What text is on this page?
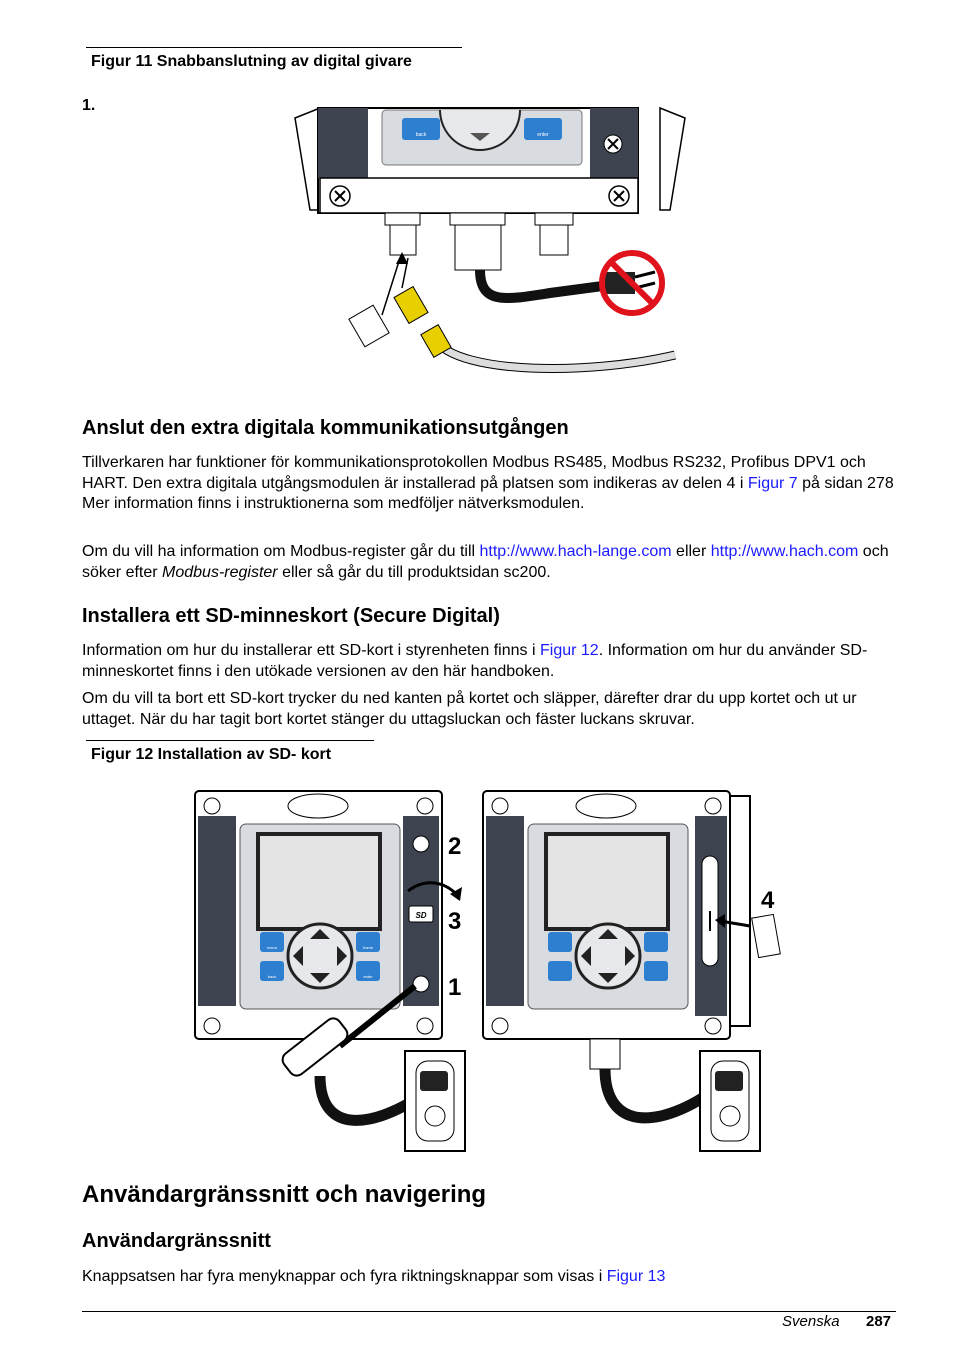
Figur 11 Snabbanslutning av digital givare
1.
back	enter
Anslut den extra digitala kommunikationsutgången

Tillverkaren har funktioner för kommunikationsprotokollen Modbus RS485, Modbus RS232, Profibus DPV1 och HART. Den extra digitala utgångsmodulen är installerad på platsen som indikeras av delen 4 i Figur 7 på sidan 278 Mer information finns i instruktionerna som medföljer nätverksmodulen.

Om du vill ha information om Modbus-register går du till http://www.hach-lange.com eller http://www.hach.com och söker efter Modbus-register eller så går du till produktsidan sc200.

Installera ett SD-minneskort (Secure Digital)

Information om hur du installerar ett SD-kort i styrenheten finns i Figur 12. Information om hur du använder SD-minneskortet finns i den utökade versionen av den här handboken.

Om du vill ta bort ett SD-kort trycker du ned kanten på kortet och släpper, därefter drar du upp kortet och ut ur uttaget. När du har tagit bort kortet stänger du uttagsluckan och fäster luckans skruvar.

Figur 12 Installation av SD- kort
menu	home
back	enter
SD
2
3
1
4
Användargränssnitt och navigering
Användargränssnitt

Knappsatsen har fyra menyknappar och fyra riktningsknappar som visas i Figur 13

Svenska 287
